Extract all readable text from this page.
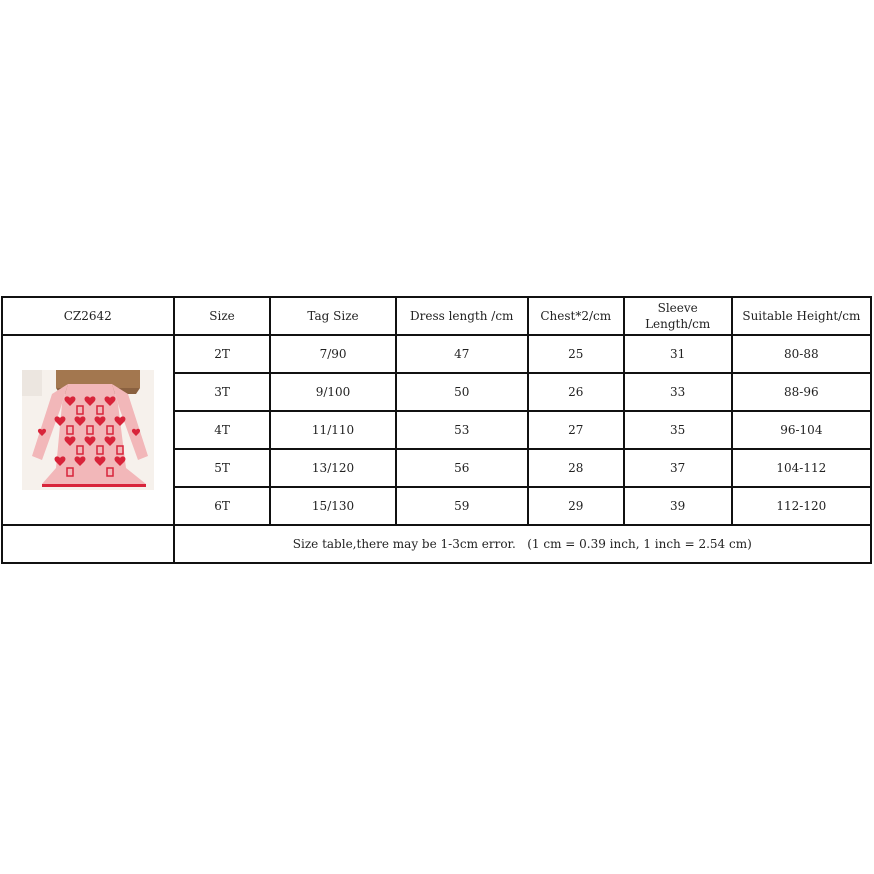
CZ2642	Size	Tag Size	Dress length /cm	Chest*2/cm	Sleeve Length/cm	Suitable Height/cm

	2T	7/90	47	25	31	80-88
	3T	9/100	50	26	33	88-96
	4T	11/110	53	27	35	96-104
	5T	13/120	56	28	37	104-112
	6T	15/130	59	29	39	112-120
	Size table,there may be 1-3cm error.   (1 cm = 0.39 inch, 1 inch = 2.54 cm)					
